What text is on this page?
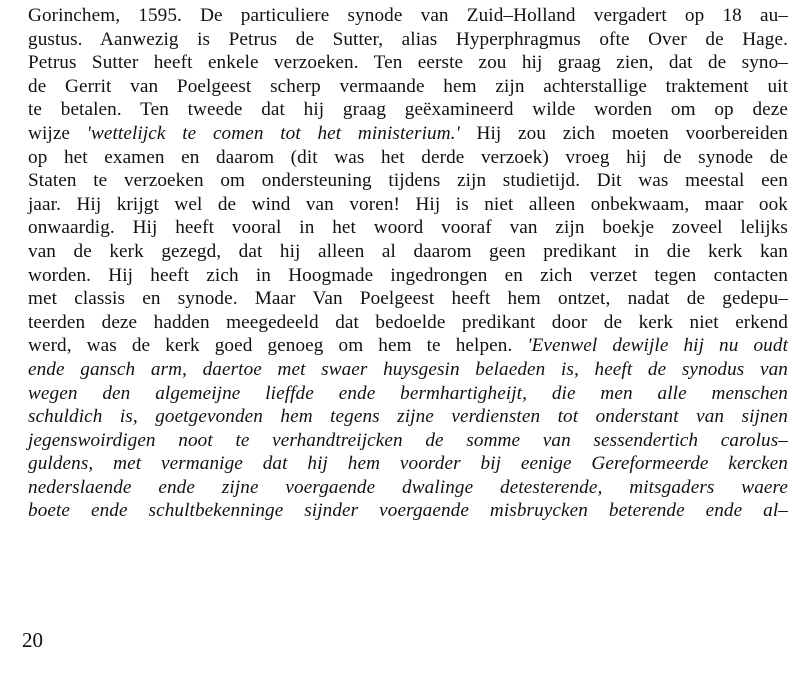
Gorinchem, 1595. De particuliere synode van Zuid–Holland vergadert op 18 au–
gustus. Aanwezig is Petrus de Sutter, alias Hyperphragmus ofte Over de Hage.
Petrus Sutter heeft enkele verzoeken. Ten eerste zou hij graag zien, dat de syno–
de Gerrit van Poelgeest scherp vermaande hem zijn achterstallige traktement uit
te betalen. Ten tweede dat hij graag geëxamineerd wilde worden om op deze
wijze 'wettelijck te comen tot het ministerium.' Hij zou zich moeten voorbereiden
op het examen en daarom (dit was het derde verzoek) vroeg hij de synode de
Staten te verzoeken om ondersteuning tijdens zijn studietijd. Dit was meestal een
jaar. Hij krijgt wel de wind van voren! Hij is niet alleen onbekwaam, maar ook
onwaardig. Hij heeft vooral in het woord vooraf van zijn boekje zoveel lelijks
van de kerk gezegd, dat hij alleen al daarom geen predikant in die kerk kan
worden. Hij heeft zich in Hoogmade ingedrongen en zich verzet tegen contacten
met classis en synode. Maar Van Poelgeest heeft hem ontzet, nadat de gedepu–
teerden deze hadden meegedeeld dat bedoelde predikant door de kerk niet erkend
werd, was de kerk goed genoeg om hem te helpen. 'Evenwel dewijle hij nu oudt
ende gansch arm, daertoe met swaer huysgesin belaeden is, heeft de synodus van
wegen den algemeijne lieffde ende bermhartigheijt, die men alle menschen
schuldich is, goetgevonden hem tegens zijne verdiensten tot onderstant van sijnen
jegenswoirdigen noot te verhandtreijcken de somme van sessendertich carolus–
guldens, met vermanige dat hij hem voorder bij eenige Gereformeerde kercken
nederslaende ende zijne voergaende dwalinge detesterende, mitsgaders waere
boete ende schultbekenninge sijnder voergaende misbruycken beterende ende al–
20
